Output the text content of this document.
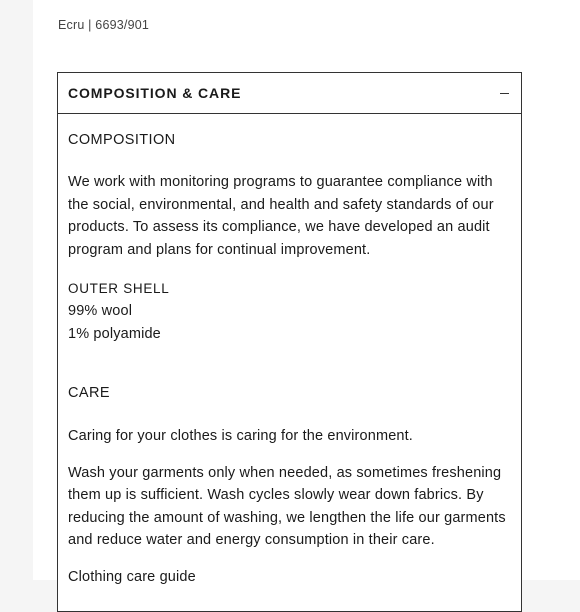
Ecru | 6693/901
COMPOSITION & CARE
COMPOSITION

We work with monitoring programs to guarantee compliance with the social, environmental, and health and safety standards of our products. To assess its compliance, we have developed an audit program and plans for continual improvement.

OUTER SHELL
99% wool
1% polyamide
CARE

Caring for your clothes is caring for the environment.

Wash your garments only when needed, as sometimes freshening them up is sufficient. Wash cycles slowly wear down fabrics. By reducing the amount of washing, we lengthen the life our garments and reduce water and energy consumption in their care.

Clothing care guide
